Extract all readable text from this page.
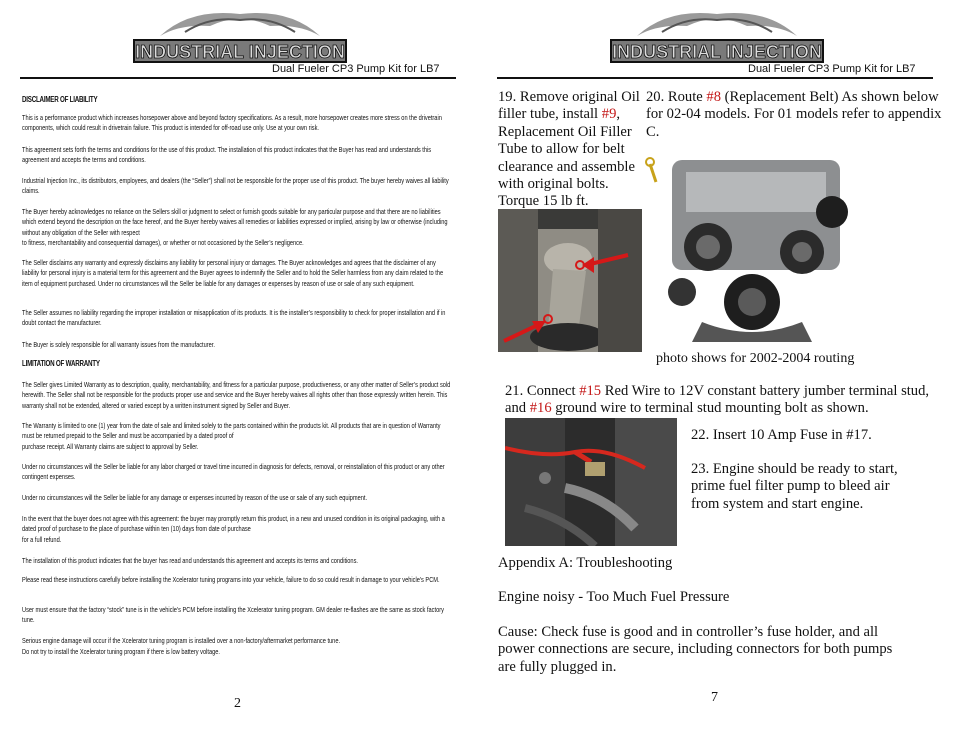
INDUSTRIAL INJECTION
Dual Fueler CP3 Pump Kit for LB7
DISCLAIMER OF LIABILITY
This is a performance product which increases horsepower above and beyond factory specifications. As a result, more horsepower creates more stress on the drivetrain components, which could result in drivetrain failure. This product is intended for off-road use only. Use at your own risk.
This agreement sets forth the terms and conditions for the use of this product. The installation of this product indicates that the Buyer has read and understands this agreement and accepts the terms and conditions.
Industrial Injection Inc., its distributors, employees, and dealers (the “Seller”) shall not be responsible for the proper use of this product. The buyer hereby waives all liability claims.
The Buyer hereby acknowledges no reliance on the Sellers skill or judgment to select or furnish goods suitable for any particular purpose and that there are no liabilities which extend beyond the description on the face hereof, and the Buyer hereby waives all remedies or liabilities expressed or implied, arising by law or otherwise (including without any obligation of the Seller with respect
to fitness, merchantability and consequential damages), or whether or not occasioned by the Seller’s negligence.
The Seller disclaims any warranty and expressly disclaims any liability for personal injury or damages. The Buyer acknowledges and agrees that the disclaimer of any liability for personal injury is a material term for this agreement and the Buyer agrees to indemnify the Seller and to hold the Seller harmless from any claim related to the item of equipment purchased. Under no circumstances will the Seller be liable for any damages or expenses by reason of use or sale of any such equipment.
The Seller assumes no liability regarding the improper installation or misapplication of its products. It is the installer’s responsibility to check for proper installation and if in doubt contact the manufacturer.
The Buyer is solely responsible for all warranty issues from the manufacturer.
LIMITATION OF WARRANTY
The Seller gives Limited Warranty as to description, quality, merchantability, and fitness for a particular purpose, productiveness, or any other matter of Seller’s product sold herewith. The Seller shall not be responsible for the products proper use and service and the Buyer hereby waives all rights other than those expressly written herein. This warranty shall not be extended, altered or varied except by a written instrument signed by Seller and Buyer.
The Warranty is limited to one (1) year from the date of sale and limited solely to the parts contained within the products kit. All products that are in question of Warranty must be returned prepaid to the Seller and must be accompanied by a dated proof of
purchase receipt. All Warranty claims are subject to approval by Seller.
Under no circumstances will the Seller be liable for any labor charged or travel time incurred in diagnosis for defects, removal, or reinstallation of this product or any other contingent expenses.
Under no circumstances will the Seller be liable for any damage or expenses incurred by reason of the use or sale of any such equipment.
In the event that the buyer does not agree with this agreement: the buyer may promptly return this product, in a new and unused condition in its original packaging, with a dated proof of purchase to the place of purchase within ten (10) days from date of purchase
for a full refund.
The installation of this product indicates that the buyer has read and understands this agreement and accepts its terms and conditions.
Please read these instructions carefully before installing the Xcelerator tuning programs into your vehicle, failure to do so could result in damage to your vehicle’s PCM.
User must ensure that the factory “stock” tune is in the vehicle’s PCM before installing the Xcelerator tuning program. GM dealer re-flashes are the same as stock factory tune.
Serious engine damage will occur if the Xcelerator tuning program is installed over a non-factory/aftermarket performance tune.
Do not try to install the Xcelerator tuning program if there is low battery voltage.
2
INDUSTRIAL INJECTION
Dual Fueler CP3 Pump Kit for LB7
19. Remove original Oil filler tube, install #9, Replacement Oil Filler Tube to allow for belt clearance and assemble with original bolts. Torque 15 lb ft.
20. Route #8 (Replacement Belt) As shown below for 02-04 models. For 01 models refer to appendix C.
photo shows for 2002-2004 routing
21. Connect #15 Red Wire to 12V constant battery jumber terminal stud, and #16 ground wire to terminal stud mounting bolt as shown.
22. Insert 10 Amp Fuse in #17.
23. Engine should be ready to start, prime fuel filter pump to bleed air from system and start engine.
Appendix A: Troubleshooting
Engine noisy - Too Much Fuel Pressure
Cause: Check fuse is good and in controller’s fuse holder, and all power connections are secure, including connectors for both pumps are fully plugged in.
7
